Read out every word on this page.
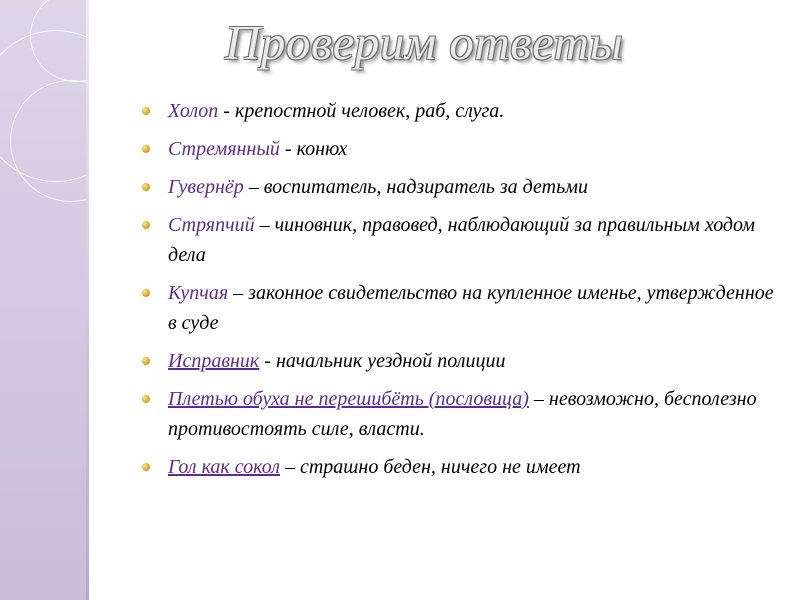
Проверим ответы
Холоп - крепостной человек, раб, слуга.
Стремянный - конюх
Гувернёр – воспитатель, надзиратель за детьми
Стряпчий – чиновник, правовед, наблюдающий за правильным ходом дела
Купчая – законное свидетельство на купленное именье, утвержденное в суде
Исправник - начальник уездной полиции
Плетью обуха не перешибёть (пословица) – невозможно, бесполезно противостоять силе, власти.
Гол как сокол – страшно беден, ничего не имеет
